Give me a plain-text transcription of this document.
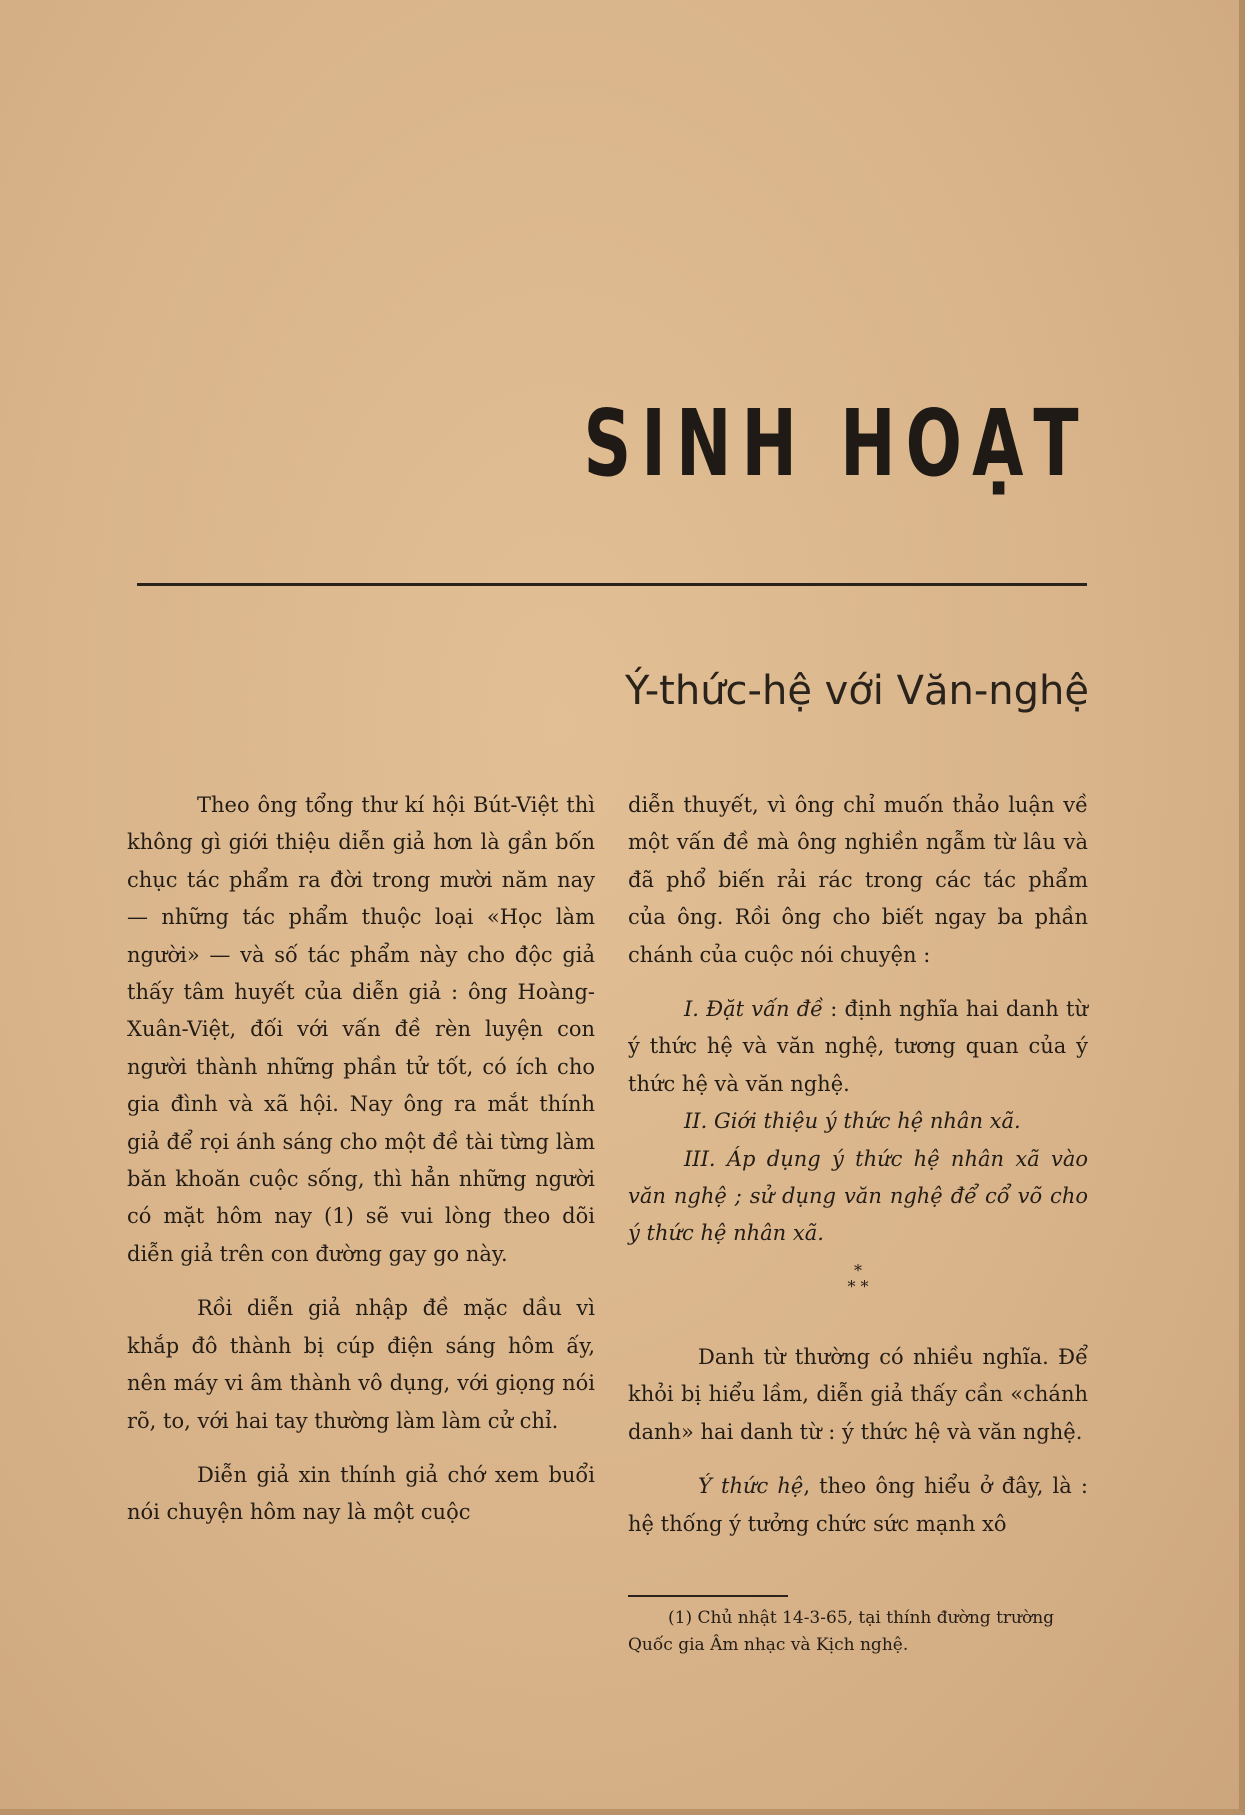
SINH HOẠT
Ý-thức-hệ với Văn-nghệ

Theo ông tổng thư kí hội Bút-Việt thì không gì giới thiệu diễn giả hơn là gần bốn chục tác phẩm ra đời trong mười năm nay — những tác phẩm thuộc loại «Học làm người» — và số tác phẩm này cho độc giả thấy tâm huyết của diễn giả : ông Hoàng-Xuân-Việt, đối với vấn đề rèn luyện con người thành những phần tử tốt, có ích cho gia đình và xã hội. Nay ông ra mắt thính giả để rọi ánh sáng cho một đề tài từng làm băn khoăn cuộc sống, thì hẳn những người có mặt hôm nay (1) sẽ vui lòng theo dõi diễn giả trên con đường gay go này.

Rồi diễn giả nhập đề mặc dầu vì khắp đô thành bị cúp điện sáng hôm ấy, nên máy vi âm thành vô dụng, với giọng nói rõ, to, với hai tay thường làm làm cử chỉ.

Diễn giả xin thính giả chớ xem buổi nói chuyện hôm nay là một cuộc

diễn thuyết, vì ông chỉ muốn thảo luận về một vấn đề mà ông nghiền ngẫm từ lâu và đã phổ biến rải rác trong các tác phẩm của ông. Rồi ông cho biết ngay ba phần chánh của cuộc nói chuyện :

I. Đặt vấn đề : định nghĩa hai danh từ ý thức hệ và văn nghệ, tương quan của ý thức hệ và văn nghệ.
II. Giới thiệu ý thức hệ nhân xã.
III. Áp dụng ý thức hệ nhân xã vào văn nghệ ; sử dụng văn nghệ để cổ võ cho ý thức hệ nhân xã.
*
* *

Danh từ thường có nhiều nghĩa. Để khỏi bị hiểu lầm, diễn giả thấy cần «chánh danh» hai danh từ : ý thức hệ và văn nghệ.

Ý thức hệ, theo ông hiểu ở đây, là : hệ thống ý tưởng chức sức mạnh xô

(1) Chủ nhật 14-3-65, tại thính đường trường Quốc gia Âm nhạc và Kịch nghệ.
